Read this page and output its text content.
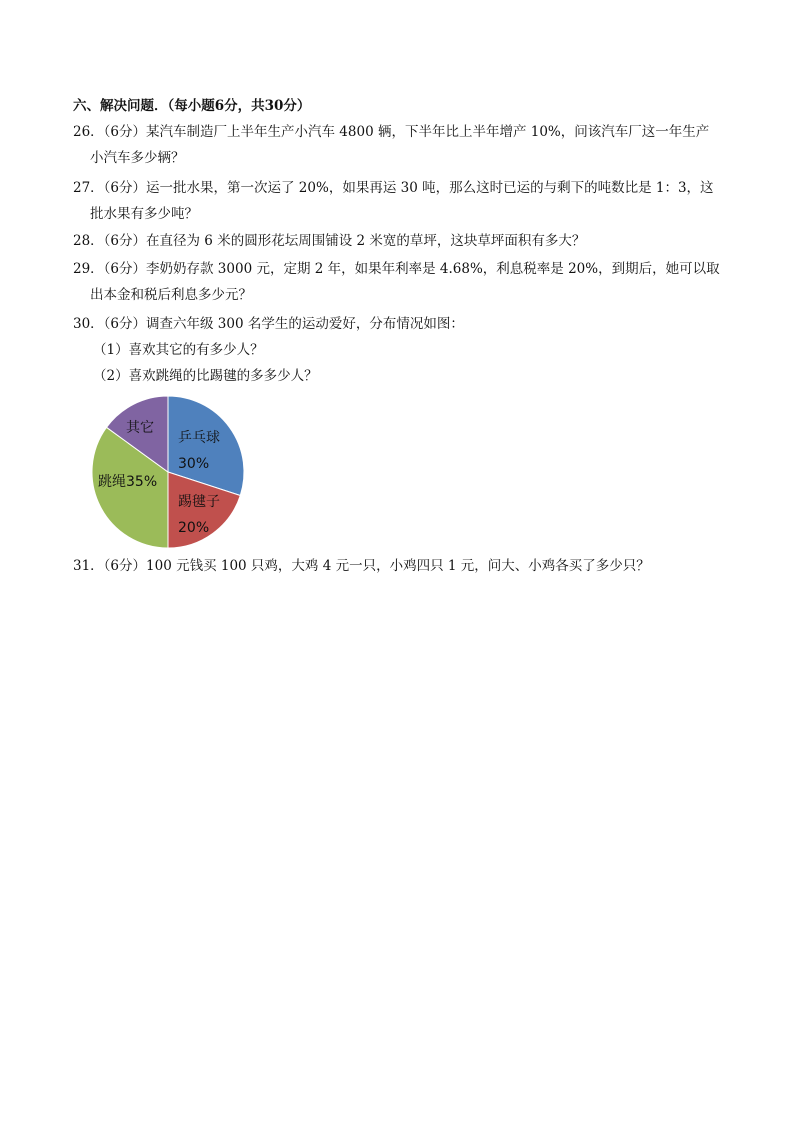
六、解决问题．（每小题6分，共30分）
26．（6分）某汽车制造厂上半年生产小汽车 4800 辆，下半年比上半年增产 10%，问该汽车厂这一年生产
小汽车多少辆？
27．（6分）运一批水果，第一次运了 20%，如果再运 30 吨，那么这时已运的与剩下的吨数比是 1：3，这
批水果有多少吨？
28．（6分）在直径为 6 米的圆形花坛周围铺设 2 米宽的草坪，这块草坪面积有多大？
29．（6分）李奶奶存款 3000 元，定期 2 年，如果年利率是 4.68%，利息税率是 20%，到期后，她可以取
出本金和税后利息多少元？
30．（6分）调查六年级 300 名学生的运动爱好，分布情况如图：
（1）喜欢其它的有多少人？
（2）喜欢跳绳的比踢毽的多多少人？
乒乓球
30%
踢毽子
20%
跳绳35%
其它
31．（6分）100 元钱买 100 只鸡，大鸡 4 元一只，小鸡四只 1 元，问大、小鸡各买了多少只？
